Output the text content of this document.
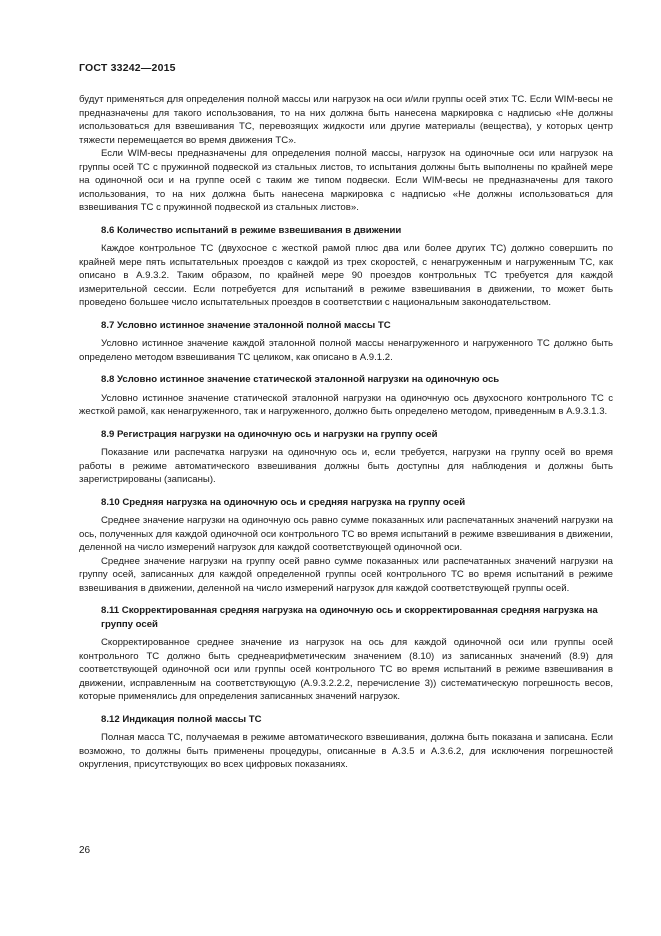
ГОСТ 33242—2015

будут применяться для определения полной массы или нагрузок на оси и/или группы осей этих ТС. Если WIM-весы не предназначены для такого использования, то на них должна быть нанесена маркировка с надписью «Не должны использоваться для взвешивания ТС, перевозящих жидкости или другие материалы (вещества), у которых центр тяжести перемещается во время движения ТС».

Если WIM-весы предназначены для определения полной массы, нагрузок на одиночные оси или нагрузок на группы осей ТС с пружинной подвеской из стальных листов, то испытания должны быть выполнены по крайней мере на одиночной оси и на группе осей с таким же типом подвески. Если WIM-весы не предназначены для такого использования, то на них должна быть нанесена маркировка с надписью «Не должны использоваться для взвешивания ТС с пружинной подвеской из стальных листов».

8.6 Количество испытаний в режиме взвешивания в движении

Каждое контрольное ТС (двухосное с жесткой рамой плюс два или более других ТС) должно совершить по крайней мере пять испытательных проездов с каждой из трех скоростей, с ненагруженным и нагруженным ТС, как описано в А.9.3.2. Таким образом, по крайней мере 90 проездов контрольных ТС требуется для каждой измерительной сессии. Если потребуется для испытаний в режиме взвешивания в движении, то может быть проведено большее число испытательных проездов в соответствии с национальным законодательством.

8.7 Условно истинное значение эталонной полной массы ТС

Условно истинное значение каждой эталонной полной массы ненагруженного и нагруженного ТС должно быть определено методом взвешивания ТС целиком, как описано в А.9.1.2.

8.8 Условно истинное значение статической эталонной нагрузки на одиночную ось

Условно истинное значение статической эталонной нагрузки на одиночную ось двухосного контрольного ТС с жесткой рамой, как ненагруженного, так и нагруженного, должно быть определено методом, приведенным в А.9.3.1.3.

8.9 Регистрация нагрузки на одиночную ось и нагрузки на группу осей

Показание или распечатка нагрузки на одиночную ось и, если требуется, нагрузки на группу осей во время работы в режиме автоматического взвешивания должны быть доступны для наблюдения и должны быть зарегистрированы (записаны).

8.10 Средняя нагрузка на одиночную ось и средняя нагрузка на группу осей

Среднее значение нагрузки на одиночную ось равно сумме показанных или распечатанных значений нагрузки на ось, полученных для каждой одиночной оси контрольного ТС во время испытаний в режиме взвешивания в движении, деленной на число измерений нагрузок для каждой соответствующей одиночной оси.

Среднее значение нагрузки на группу осей равно сумме показанных или распечатанных значений нагрузки на группу осей, записанных для каждой определенной группы осей контрольного ТС во время испытаний в режиме взвешивания в движении, деленной на число измерений нагрузок для каждой соответствующей группы осей.

8.11 Скорректированная средняя нагрузка на одиночную ось и скорректированная средняя нагрузка на группу осей

Скорректированное среднее значение из нагрузок на ось для каждой одиночной оси или группы осей контрольного ТС должно быть среднеарифметическим значением (8.10) из записанных значений (8.9) для соответствующей одиночной оси или группы осей контрольного ТС во время испытаний в режиме взвешивания в движении, исправленным на соответствующую (А.9.3.2.2.2, перечисление 3)) систематическую погрешность весов, которые применялись для определения записанных значений нагрузок.

8.12 Индикация полной массы ТС

Полная масса ТС, получаемая в режиме автоматического взвешивания, должна быть показана и записана. Если возможно, то должны быть применены процедуры, описанные в А.3.5 и А.3.6.2, для исключения погрешностей округления, присутствующих во всех цифровых показаниях.

26
